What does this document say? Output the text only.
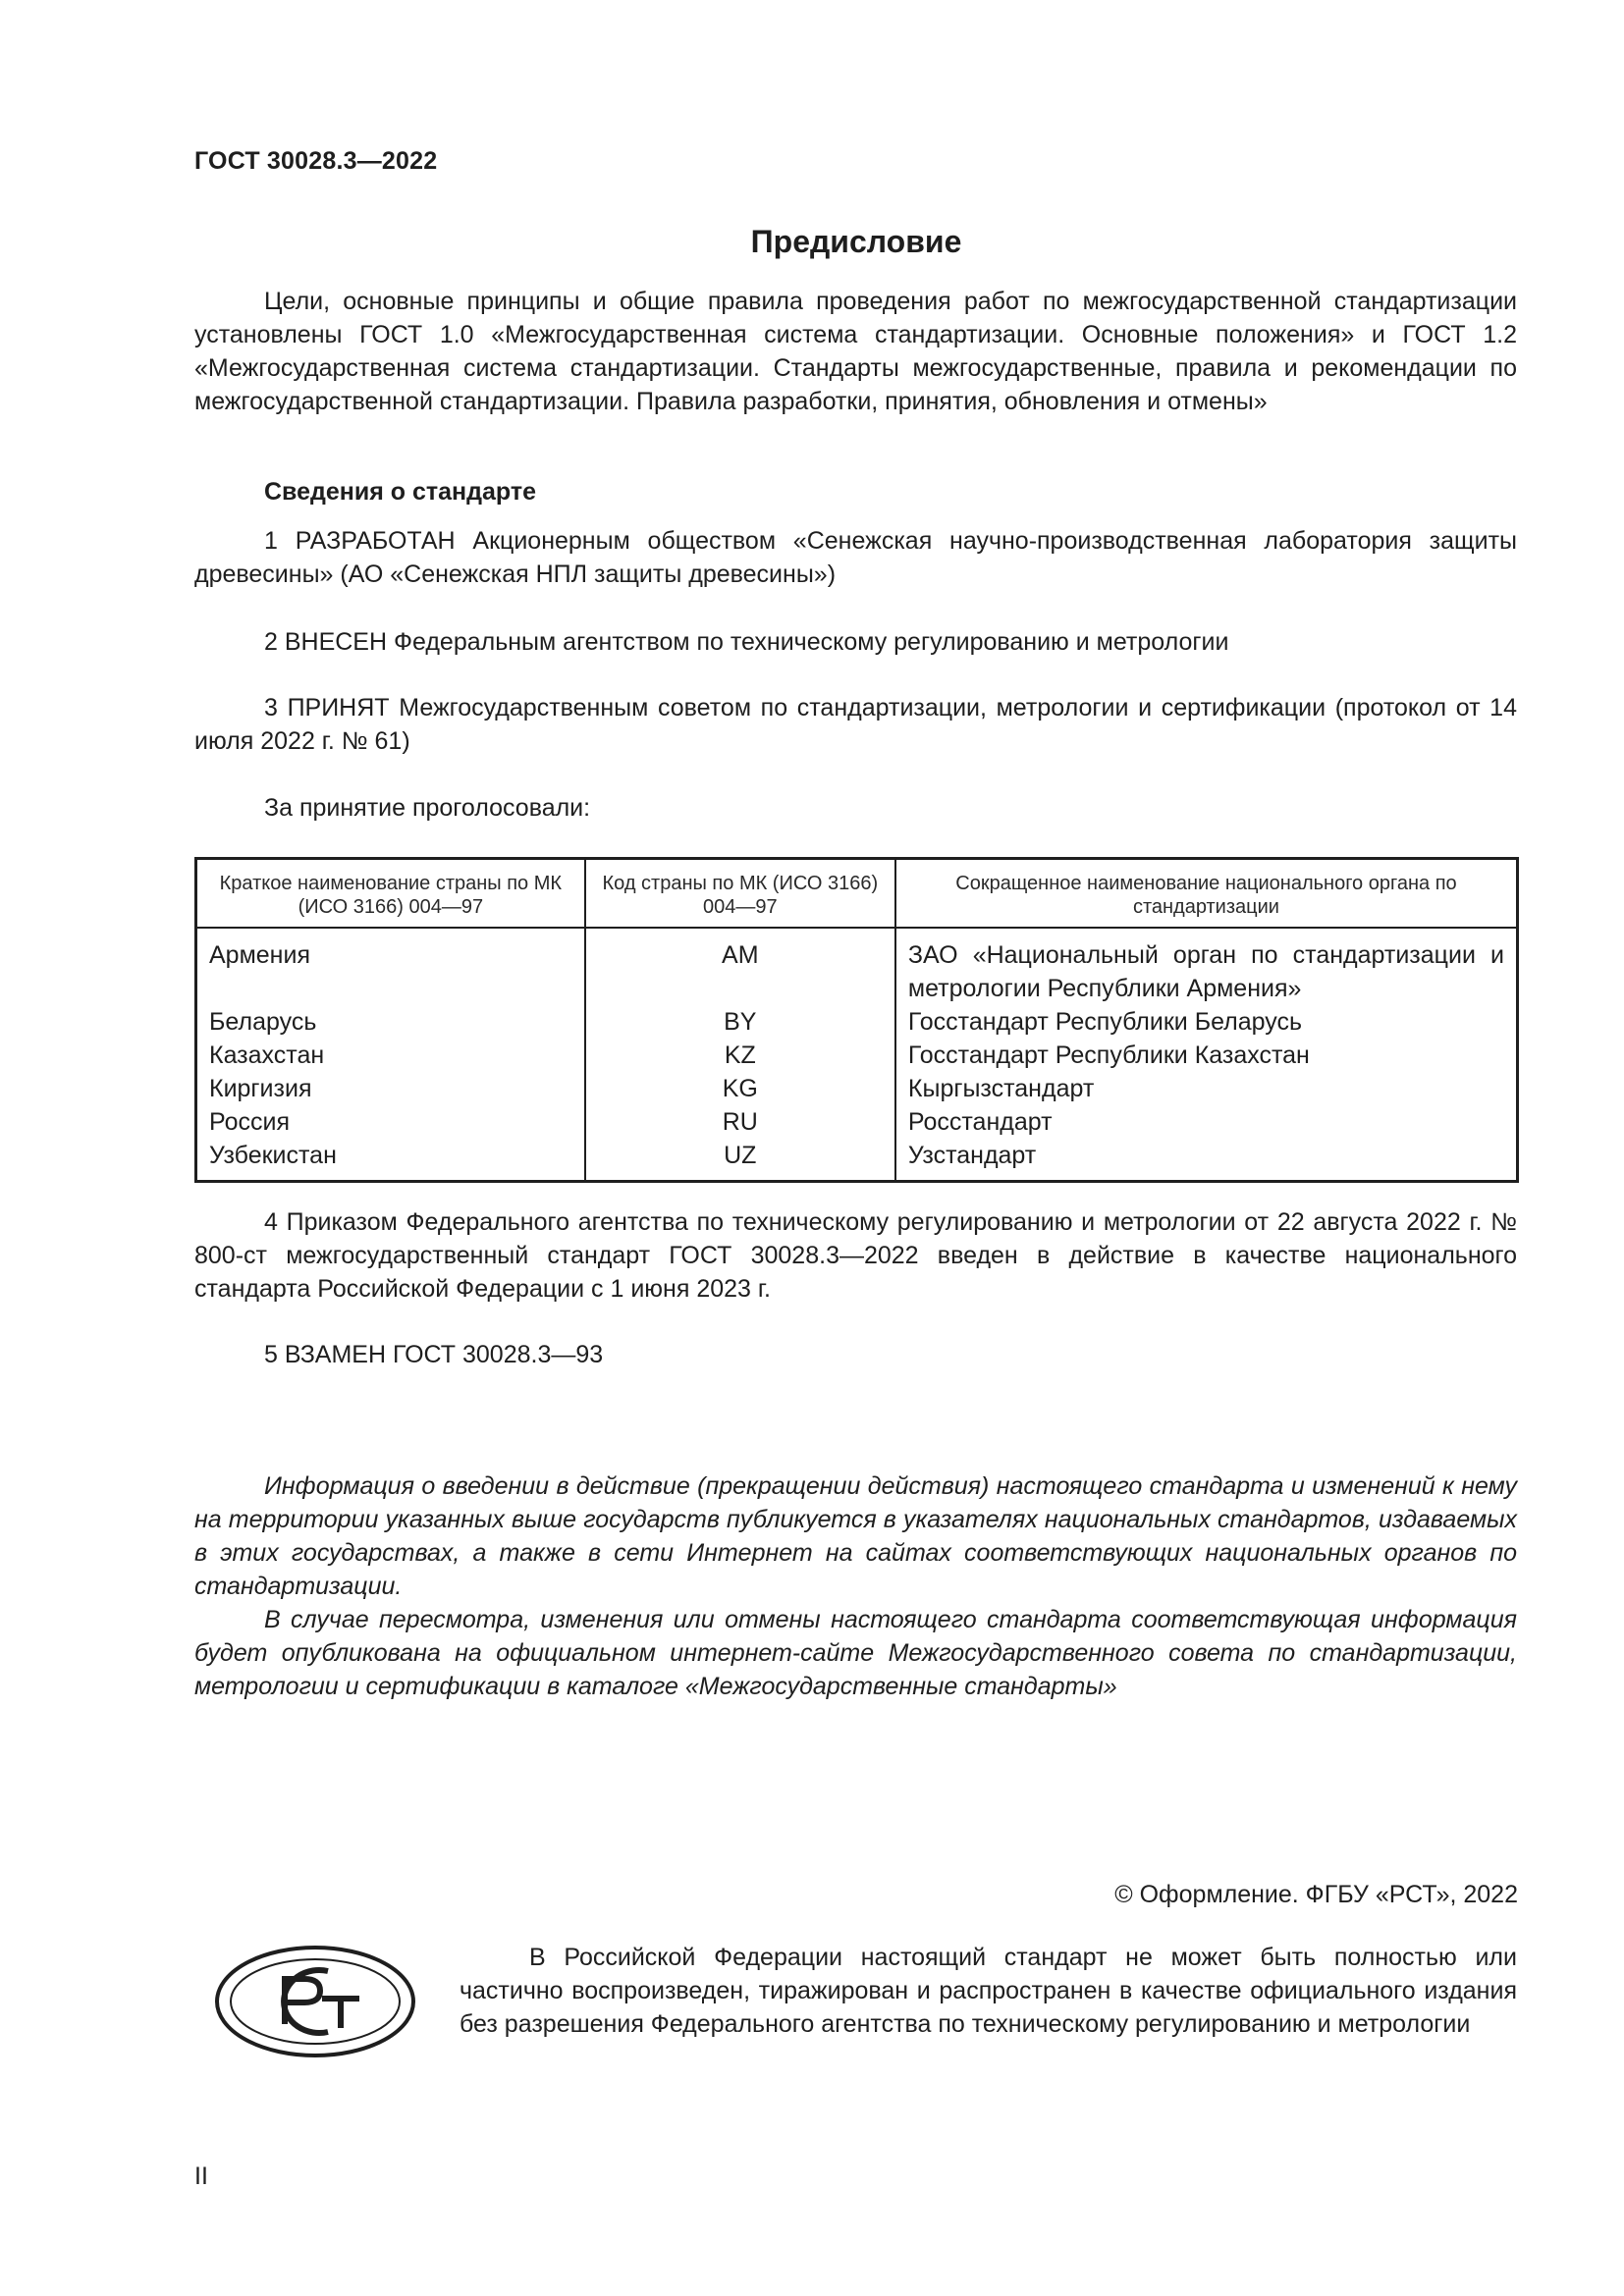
ГОСТ 30028.3—2022
Предисловие
Цели, основные принципы и общие правила проведения работ по межгосударственной стандартизации установлены ГОСТ 1.0 «Межгосударственная система стандартизации. Основные положения» и ГОСТ 1.2 «Межгосударственная система стандартизации. Стандарты межгосударственные, правила и рекомендации по межгосударственной стандартизации. Правила разработки, принятия, обновления и отмены»
Сведения о стандарте
1 РАЗРАБОТАН Акционерным обществом «Сенежская научно-производственная лаборатория защиты древесины» (АО «Сенежская НПЛ защиты древесины»)
2 ВНЕСЕН Федеральным агентством по техническому регулированию и метрологии
3 ПРИНЯТ Межгосударственным советом по стандартизации, метрологии и сертификации (протокол от 14 июля 2022 г. № 61)
За принятие проголосовали:
Краткое наименование страны по МК (ИСО 3166) 004—97	Код страны по МК (ИСО 3166) 004—97	Сокращенное наименование национального органа по стандартизации
Армения	AM	ЗАО «Национальный орган по стандартизации и метрологии Республики Армения»
Беларусь	BY	Госстандарт Республики Беларусь
Казахстан	KZ	Госстандарт Республики Казахстан
Киргизия	KG	Кыргызстандарт
Россия	RU	Росстандарт
Узбекистан	UZ	Узстандарт
4 Приказом Федерального агентства по техническому регулированию и метрологии от 22 августа 2022 г. № 800-ст межгосударственный стандарт ГОСТ 30028.3—2022 введен в действие в качестве национального стандарта Российской Федерации с 1 июня 2023 г.
5 ВЗАМЕН ГОСТ 30028.3—93
Информация о введении в действие (прекращении действия) настоящего стандарта и изменений к нему на территории указанных выше государств публикуется в указателях национальных стандартов, издаваемых в этих государствах, а также в сети Интернет на сайтах соответствующих национальных органов по стандартизации.
В случае пересмотра, изменения или отмены настоящего стандарта соответствующая информация будет опубликована на официальном интернет-сайте Межгосударственного совета по стандартизации, метрологии и сертификации в каталоге «Межгосударственные стандарты»
© Оформление. ФГБУ «РСТ», 2022
В Российской Федерации настоящий стандарт не может быть полностью или частично воспроизведен, тиражирован и распространен в качестве официального издания без разрешения Федерального агентства по техническому регулированию и метрологии
II
